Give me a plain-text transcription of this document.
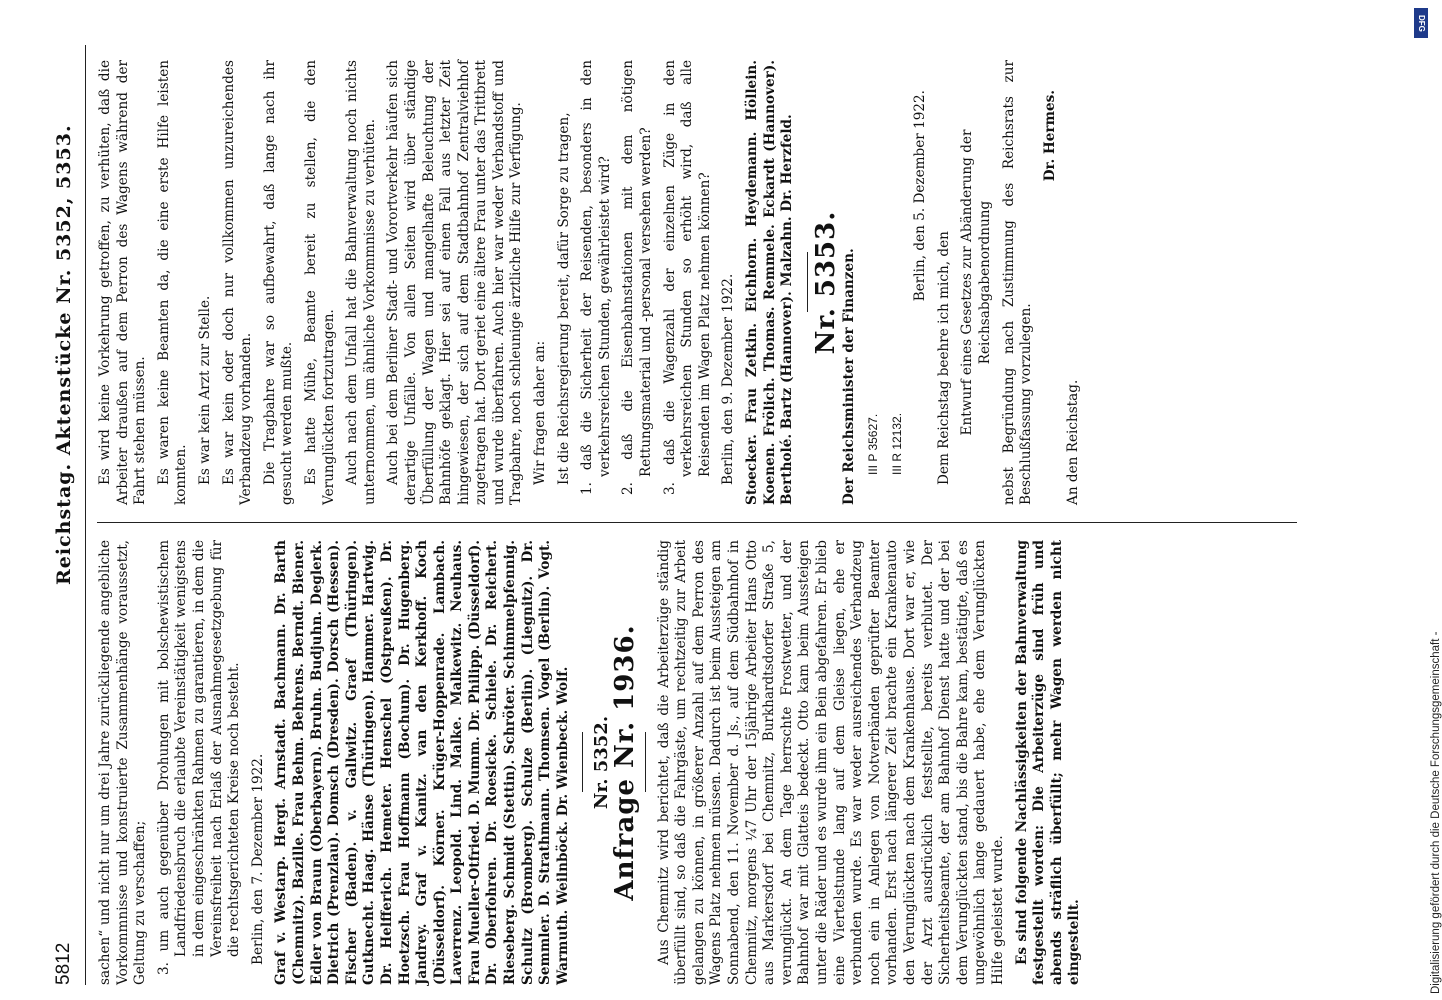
5812
Reichstag. Aktenstücke Nr. 5352, 5353.

sachen“ und nicht nur um drei Jahre zurückliegende angebliche Vorkommnisse und konstruierte Zusammenhänge voraussetzt, Geltung zu verschaffen; 3. um auch gegenüber Drohungen mit bolschewistischem Landfriedensbruch die erlaubte Vereinstätigkeit wenigstens in dem eingeschränkten Rahmen zu garantieren, in dem die Vereinsfreiheit nach Erlaß der Ausnahmegesetzgebung für die rechtsgerichteten Kreise noch besteht. Berlin, den 7. Dezember 1922. Graf v. Westarp. Hergt. Arnstadt. Bachmann. Dr. Barth (Chemnitz). Bazille. Frau Behm. Behrens. Berndt. Biener. Edler von Braun (Oberbayern). Bruhn. Budjuhn. Deglerk. Dietrich (Prenzlau). Domsch (Dresden). Dorsch (Hessen). Fischer (Baden). v. Gallwitz. Graef (Thüringen). Gutknecht. Haag. Hänse (Thüringen). Hammer. Hartwig. Dr. Helfferich. Hemeter. Henschel (Ostpreußen). Dr. Hoetzsch. Frau Hoffmann (Bochum). Dr. Hugenberg. Jandrey. Graf v. Kanitz. van den Kerkhoff. Koch (Düsseldorf). Körner. Krüger-Hoppenrade. Lambach. Laverrenz. Leopold. Lind. Malke. Malkewitz. Neuhaus. Frau Mueller-Otfried. D. Mumm. Dr. Philipp. (Düsseldorf). Dr. Oberfohren. Dr. Roesicke. Schiele. Dr. Reichert. Rieseberg. Schmidt (Stettin). Schröter. Schimmelpfennig. Schultz (Bromberg). Schulze (Berlin). (Liegnitz). Dr. Semmler. D. Strathmann. Thomsen. Vogel (Berlin). Vogt. Warmuth. Weilnböck. Dr. Wienbeck. Wolf. Nr. 5352.

Anfrage Nr. 1936. Aus Chemnitz wird berichtet, daß die Arbeiterzüge ständig überfüllt sind, so daß die Fahrgäste, um rechtzeitig zur Arbeit gelangen zu können, in größerer Anzahl auf dem Perron des Wagens Platz nehmen müssen. Dadurch ist beim Aussteigen am Sonnabend, den 11. November d. Js., auf dem Südbahnhof in Chemnitz, morgens ¼7 Uhr der 15jährige Arbeiter Hans Otto aus Markersdorf bei Chemnitz, Burkhardtsdorfer Straße 5, verunglückt. An dem Tage herrschte Frostwetter, und der Bahnhof war mit Glatteis bedeckt. Otto kam beim Aussteigen unter die Räder und es wurde ihm ein Bein abgefahren. Er blieb eine Viertelstunde lang auf dem Gleise liegen, ehe er verbunden wurde. Es war weder ausreichendes Verbandzeug noch ein in Anlegen von Notverbänden geprüfter Beamter vorhanden. Erst nach längerer Zeit brachte ein Krankenauto den Verunglückten nach dem Krankenhause. Dort war er, wie der Arzt ausdrücklich feststellte, bereits verblutet. Der Sicherheitsbeamte, der am Bahnhof Dienst hatte und der bei dem Verunglückten stand, bis die Bahre kam, bestätigte, daß es ungewöhnlich lange gedauert habe, ehe dem Verunglückten Hilfe geleistet wurde. Es sind folgende Nachlässigkeiten der Bahnverwaltung festgestellt worden: Die Arbeiterzüge sind früh und abends sträflich überfüllt; mehr Wagen werden nicht eingestellt.

Es wird keine Vorkehrung getroffen, zu verhüten, daß die Arbeiter draußen auf dem Perron des Wagens während der Fahrt stehen müssen. Es waren keine Beamten da, die eine erste Hilfe leisten konnten. Es war kein Arzt zur Stelle. Es war kein oder doch nur vollkommen unzureichendes Verbandzeug vorhanden. Die Tragbahre war so aufbewahrt, daß lange nach ihr gesucht werden mußte. Es hatte Mühe, Beamte bereit zu stellen, die den Verunglückten fortzutragen. Auch nach dem Unfall hat die Bahnverwaltung noch nichts unternommen, um ähnliche Vorkommnisse zu verhüten. Auch bei dem Berliner Stadt- und Vorortverkehr häufen sich derartige Unfälle. Von allen Seiten wird über ständige Überfüllung der Wagen und mangelhafte Beleuchtung der Bahnhöfe geklagt. Hier sei auf einen Fall aus letzter Zeit hingewiesen, der sich auf dem Stadtbahnhof Zentralviehhof zugetragen hat. Dort geriet eine ältere Frau unter das Trittbrett und wurde überfahren. Auch hier war weder Verbandstoff und Tragbahre, noch schleunige ärztliche Hilfe zur Verfügung. Wir fragen daher an: Ist die Reichsregierung bereit, dafür Sorge zu tragen, 1. daß die Sicherheit der Reisenden, besonders in den verkehrsreichen Stunden, gewährleistet wird? 2. daß die Eisenbahnstationen mit dem nötigen Rettungsmaterial und -personal versehen werden? 3. daß die Wagenzahl der einzelnen Züge in den verkehrsreichen Stunden so erhöht wird, daß alle Reisenden im Wagen Platz nehmen können? Berlin, den 9. Dezember 1922. Stoecker. Frau Zetkin. Eichhorn. Heydemann. Höllein. Koenen. Frölich. Thomas. Remmele. Eckardt (Hannover). Bertholé. Bartz (Hannover). Malzahn. Dr. Herzfeld. Nr. 5353. Der Reichsminister der Finanzen. III P 35627. III R 12132.

Berlin, den 5. Dezember 1922.

Dem Reichstag beehre ich mich, den Entwurf eines Gesetzes zur Abänderung der Reichsabgabenordnung nebst Begründung nach Zustimmung des Reichsrats zur Beschlußfassung vorzulegen.

Dr. Hermes.

An den Reichstag.

DFG
Digitalisierung gefördert durch die Deutsche Forschungsgemeinschaft -
